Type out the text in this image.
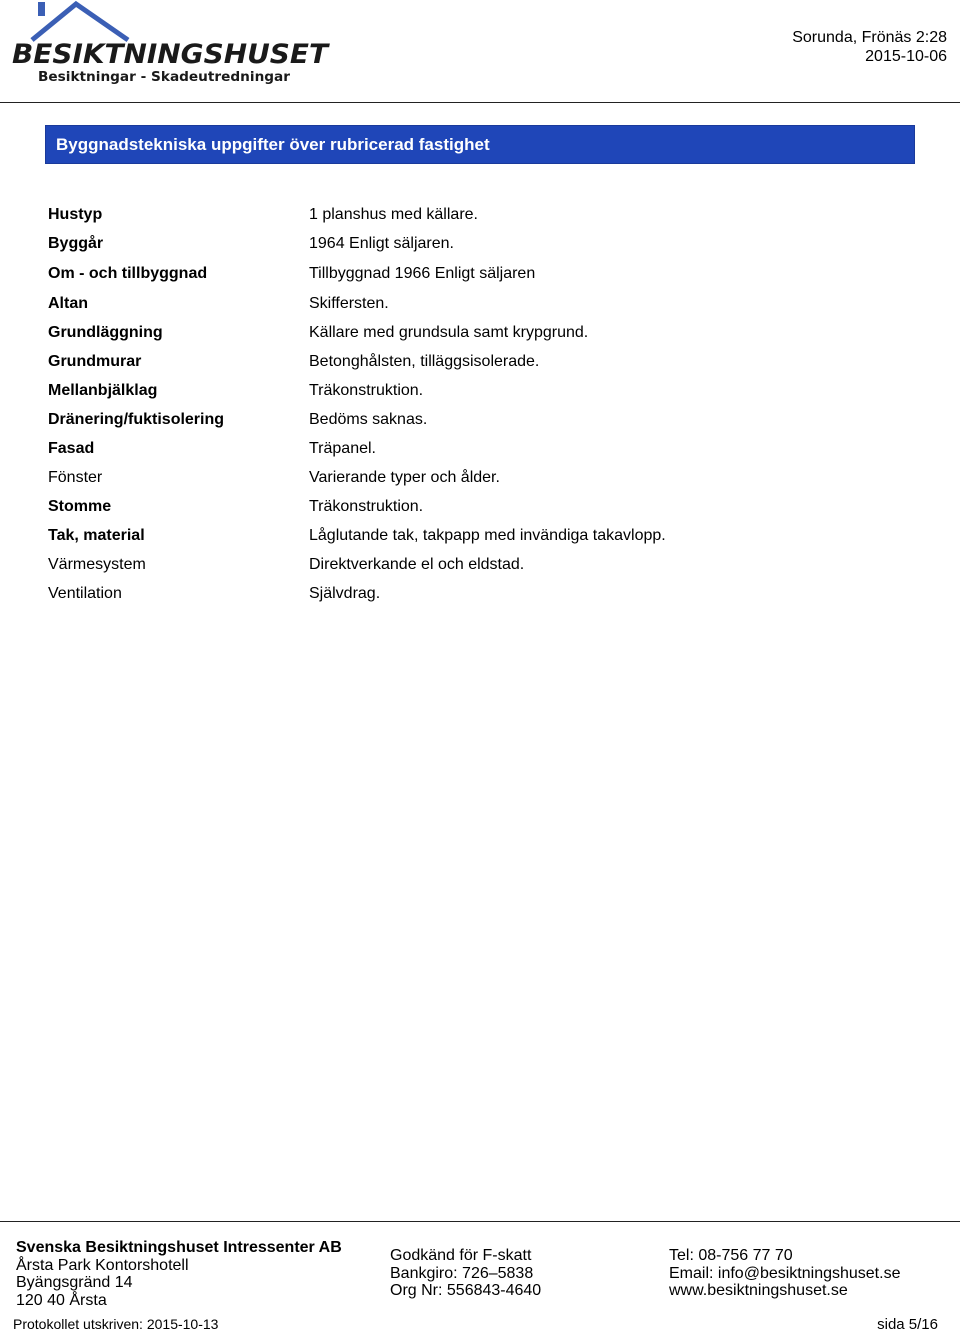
BESIKTNINGSHUSET
Besiktningar - Skadeutredningar
Sorunda, Frönäs 2:28
2015-10-06
Byggnadstekniska uppgifter över rubricerad fastighet
Hustyp	1 planshus med källare.
Byggår	1964 Enligt säljaren.
Om - och tillbyggnad	Tillbyggnad 1966 Enligt säljaren
Altan	Skiffersten.
Grundläggning	Källare med grundsula samt krypgrund.
Grundmurar	Betonghålsten, tilläggsisolerade.
Mellanbjälklag	Träkonstruktion.
Dränering/fuktisolering	Bedöms saknas.
Fasad	Träpanel.
Fönster	Varierande typer och ålder.
Stomme	Träkonstruktion.
Tak, material	Låglutande tak, takpapp med invändiga takavlopp.
Värmesystem	Direktverkande el och eldstad.
Ventilation	Självdrag.
Svenska Besiktningshuset Intressenter AB
Årsta Park Kontorshotell
Byängsgränd 14
120 40 Årsta
Godkänd för F-skatt
Bankgiro: 726–5838
Org Nr: 556843-4640
Tel: 08-756 77 70
Email: info@besiktningshuset.se
www.besiktningshuset.se
Protokollet utskriven: 2015-10-13	sida 5/16
